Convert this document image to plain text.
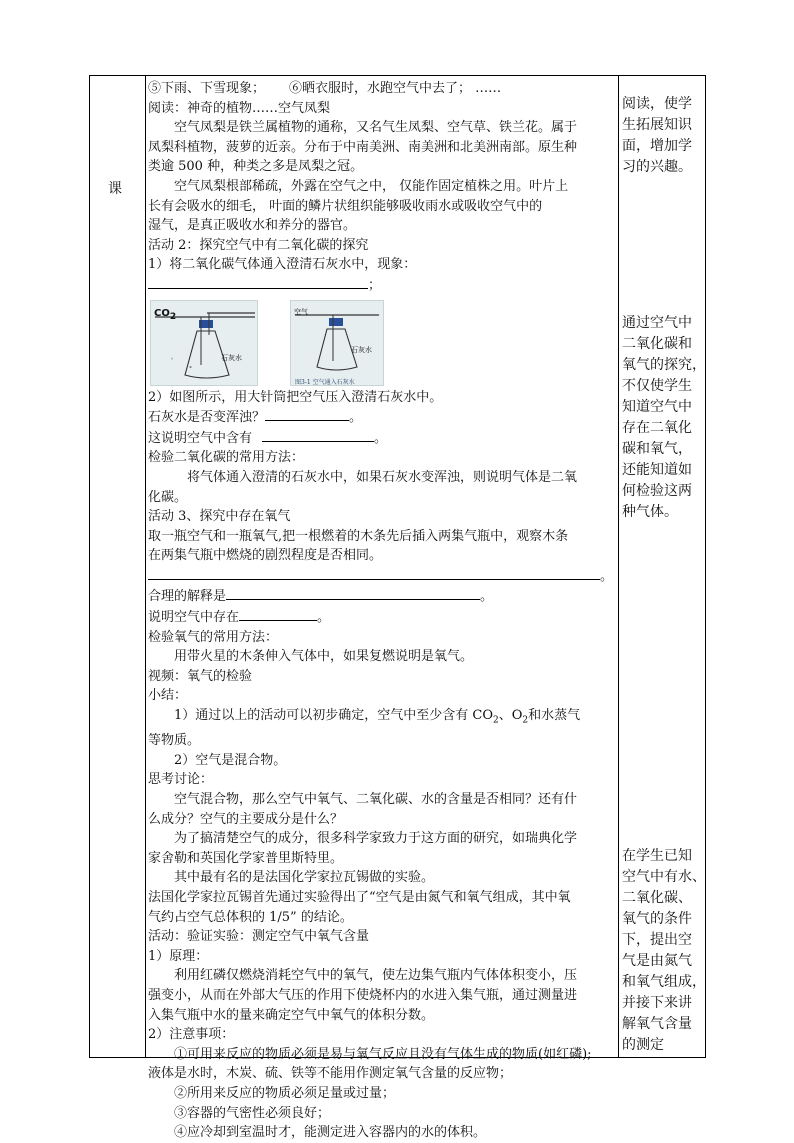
课

⑤下雨、下雪现象； ⑥晒衣服时，水跑空气中去了； ……

阅读：神奇的植物……空气凤梨

空气凤梨是铁兰属植物的通称，又名气生凤梨、空气草、铁兰花。属于

凤梨科植物，菠萝的近亲。分布于中南美洲、南美洲和北美洲南部。原生种

类逾 500 种，种类之多是凤梨之冠。

空气凤梨根部稀疏，外露在空气之中， 仅能作固定植株之用。叶片上

长有会吸水的细毛， 叶面的鳞片状组织能够吸收雨水或吸收空气中的

湿气，是真正吸收水和养分的器官。

活动 2：探究空气中有二氧化碳的探究

1）将二氧化碳气体通入澄清石灰水中，现象：

；

。
°
$CO_2$
石灰水
空气
石灰水
图3-1 空气通入石灰水

2）如图所示，用大针筒把空气压入澄清石灰水中。

石灰水是否变浑浊？	。

这说明空气中含有	。

检验二氧化碳的常用方法：

将气体通入澄清的石灰水中，如果石灰水变浑浊，则说明气体是二氧

化碳。

活动 3、探究中存在氧气

取一瓶空气和一瓶氧气,把一根燃着的木条先后插入两集气瓶中，观察木条

在两集气瓶中燃烧的剧烈程度是否相同。

。

合理的解释是	。

说明空气中存在	。

检验氧气的常用方法：

用带火星的木条伸入气体中，如果复燃说明是氧气。

视频：氧气的检验

小结：

1）通过以上的活动可以初步确定，空气中至少含有 $CO_2$、$O_2$和水蒸气

等物质。

2）空气是混合物。

思考讨论：

空气混合物，那么空气中氧气、二氧化碳、水的含量是否相同？还有什

么成分？空气的主要成分是什么？

为了搞清楚空气的成分，很多科学家致力于这方面的研究，如瑞典化学

家舍勒和英国化学家普里斯特里。

其中最有名的是法国化学家拉瓦锡做的实验。

法国化学家拉瓦锡首先通过实验得出了“空气是由氮气和氧气组成，其中氧

气约占空气总体积的 1/5” 的结论。

活动：验证实验：测定空气中氧气含量

1）原理：

利用红磷仅燃烧消耗空气中的氧气，使左边集气瓶内气体体积变小，压

强变小，从而在外部大气压的作用下使烧杯内的水进入集气瓶，通过测量进

入集气瓶中水的量来确定空气中氧气的体积分数。

2）注意事项：

①可用来反应的物质必须是易与氧气反应且没有气体生成的物质(如红磷);

液体是水时，木炭、硫、铁等不能用作测定氧气含量的反应物；

②所用来反应的物质必须足量或过量；

③容器的气密性必须良好；

④应冷却到室温时才，能测定进入容器内的水的体积。

阅读，使学

生拓展知识

面，增加学

习的兴趣。

通过空气中

二氧化碳和

氧气的探究，

不仅使学生

知道空气中

存在二氧化

碳和氧气，

还能知道如

何检验这两

种气体。

在学生已知

空气中有水、

二氧化碳、

氧气的条件

下，提出空

气是由氮气

和氧气组成，

并接下来讲

解氧气含量

的测定
